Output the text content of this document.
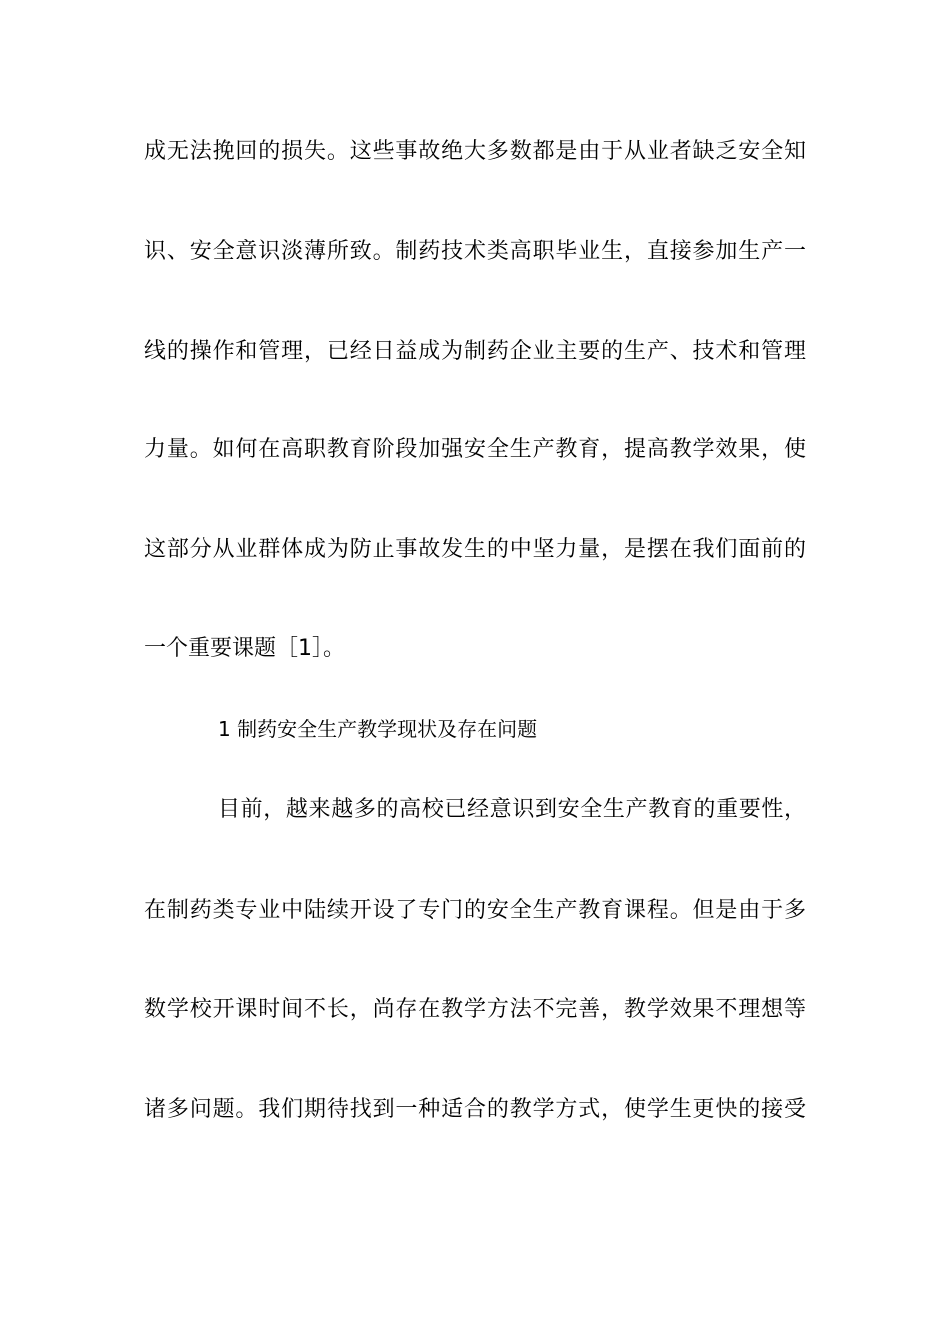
成无法挽回的损失。这些事故绝大多数都是由于从业者缺乏安全知
识、安全意识淡薄所致。制药技术类高职毕业生，直接参加生产一
线的操作和管理，已经日益成为制药企业主要的生产、技术和管理
力量。如何在高职教育阶段加强安全生产教育，提高教学效果，使
这部分从业群体成为防止事故发生的中坚力量，是摆在我们面前的
一个重要课题［1］。
1 制药安全生产教学现状及存在问题
目前，越来越多的高校已经意识到安全生产教育的重要性，
在制药类专业中陆续开设了专门的安全生产教育课程。但是由于多
数学校开课时间不长，尚存在教学方法不完善，教学效果不理想等
诸多问题。我们期待找到一种适合的教学方式，使学生更快的接受
